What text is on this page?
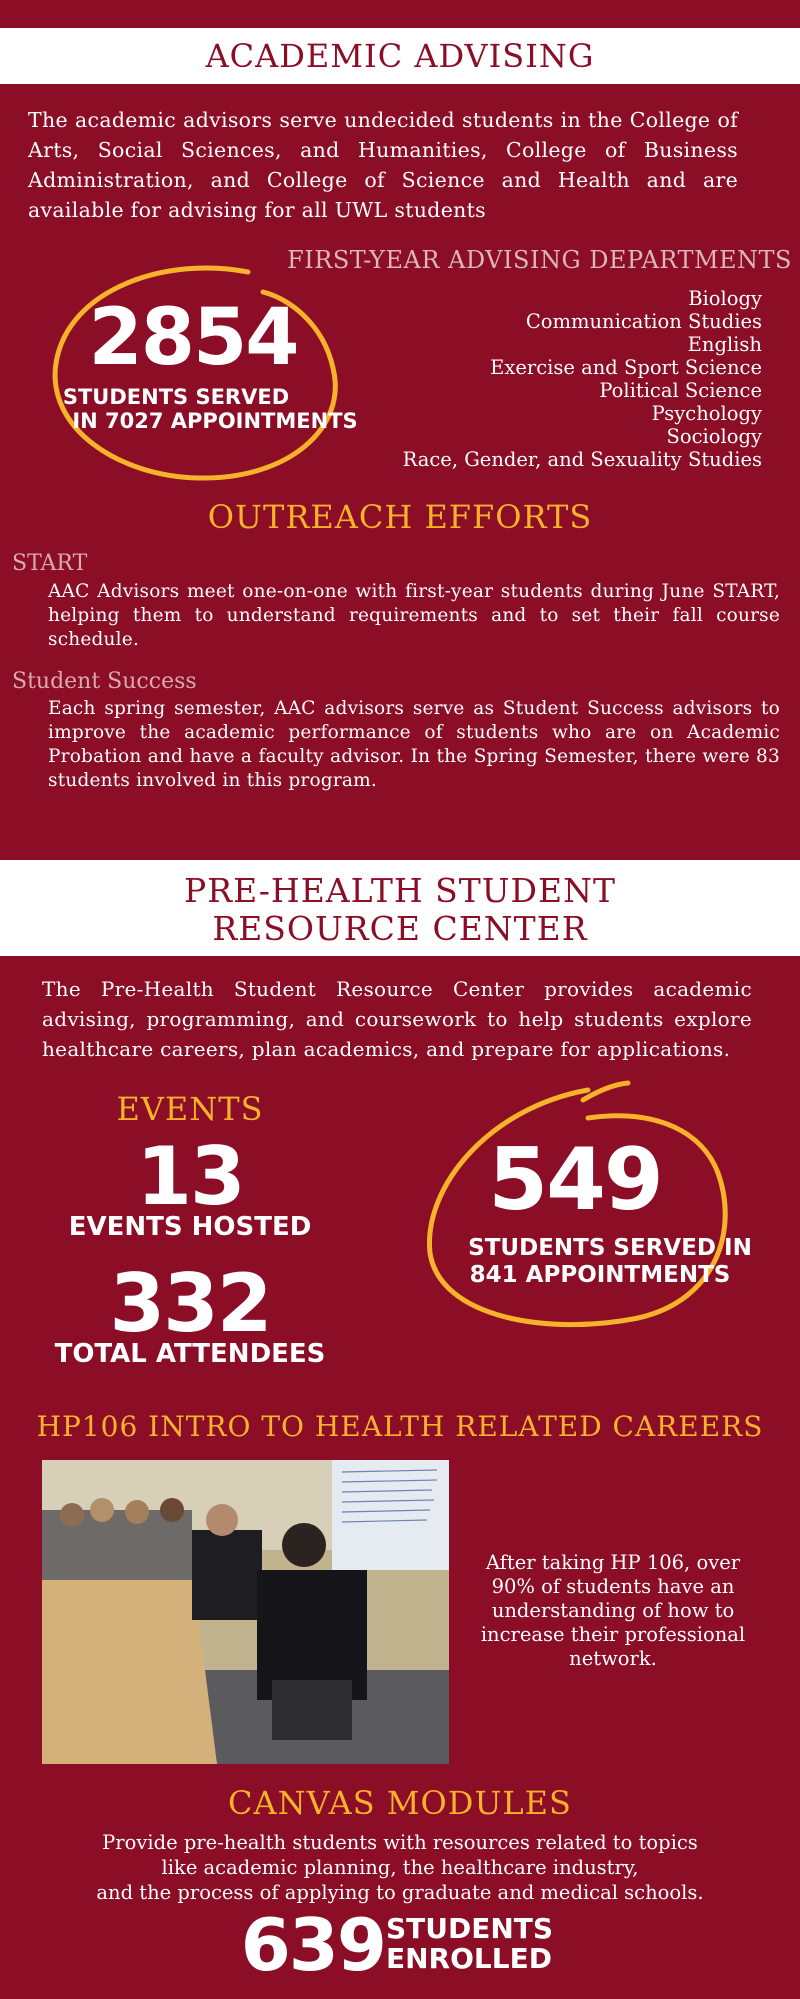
ACADEMIC ADVISING
The academic advisors serve undecided students in the College of Arts, Social Sciences, and Humanities, College of Business Administration, and College of Science and Health and are available for advising for all UWL students
2854
STUDENTS SERVED
IN 7027 APPOINTMENTS
FIRST-YEAR ADVISING DEPARTMENTS
Biology
Communication Studies
English
Exercise and Sport Science
Political Science
Psychology
Sociology
Race, Gender, and Sexuality Studies
OUTREACH EFFORTS
START
AAC Advisors meet one-on-one with first-year students during June START, helping them to understand requirements and to set their fall course schedule.
Student Success
Each spring semester, AAC advisors serve as Student Success advisors to improve the academic performance of students who are on Academic Probation and have a faculty advisor. In the Spring Semester, there were 83 students involved in this program.
PRE-HEALTH STUDENT
RESOURCE CENTER
The Pre-Health Student Resource Center provides academic advising, programming, and coursework to help students explore healthcare careers, plan academics, and prepare for applications.
EVENTS
13
EVENTS HOSTED
332
TOTAL ATTENDEES
549
STUDENTS SERVED IN
841 APPOINTMENTS
HP106 INTRO TO HEALTH RELATED CAREERS
After taking HP 106, over 90% of students have an understanding of how to increase their professional network.
CANVAS MODULES
Provide pre-health students with resources related to topics
like academic planning, the healthcare industry,
and the process of applying to graduate and medical schools.
639 STUDENTS
ENROLLED
